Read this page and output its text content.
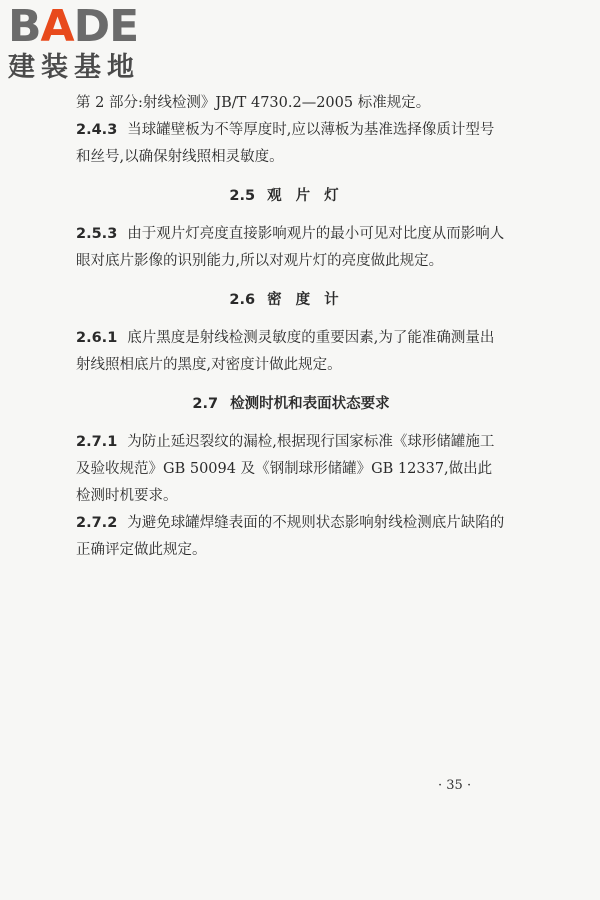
BADE
建装基地

第 2 部分:射线检测》JB/T 4730.2—2005 标准规定。

2.4.3 当球罐壁板为不等厚度时,应以薄板为基准选择像质计型号和丝号,以确保射线照相灵敏度。

2.5 观片灯

2.5.3 由于观片灯亮度直接影响观片的最小可见对比度从而影响人眼对底片影像的识别能力,所以对观片灯的亮度做此规定。

2.6 密度计

2.6.1 底片黑度是射线检测灵敏度的重要因素,为了能准确测量出射线照相底片的黑度,对密度计做此规定。

2.7 检测时机和表面状态要求

2.7.1 为防止延迟裂纹的漏检,根据现行国家标准《球形储罐施工及验收规范》GB 50094 及《钢制球形储罐》GB 12337,做出此检测时机要求。

2.7.2 为避免球罐焊缝表面的不规则状态影响射线检测底片缺陷的正确评定做此规定。

· 35 ·
